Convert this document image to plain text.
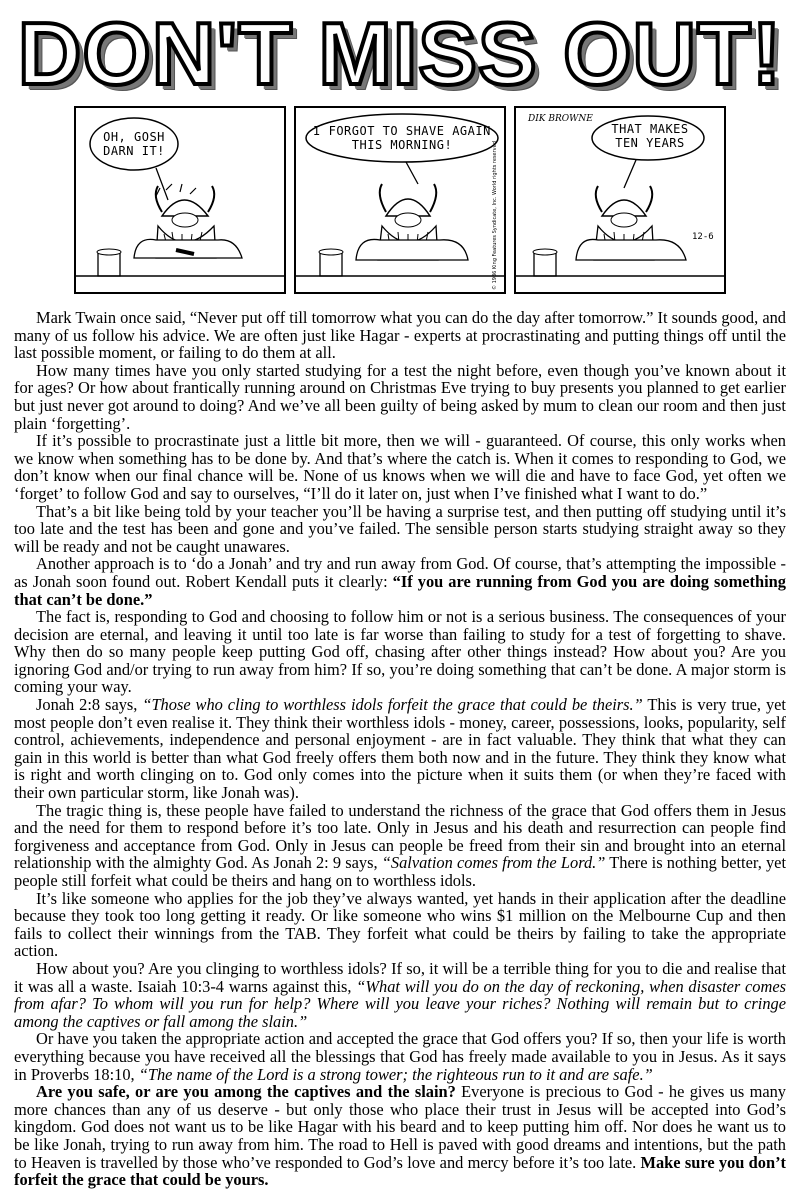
DON'T MISS OUT!
OH, GOSH DARN IT!
I FORGOT TO SHAVE AGAIN THIS MORNING!	© 1986 King Features Syndicate, Inc. World rights reserved
DIK BROWNE
THAT MAKES TEN YEARS
12-6

Mark Twain once said, “Never put off till tomorrow what you can do the day after tomorrow.” It sounds good, and many of us follow his advice. We are often just like Hagar - experts at procrastinating and putting things off until the last possible moment, or failing to do them at all.

How many times have you only started studying for a test the night before, even though you’ve known about it for ages? Or how about frantically running around on Christmas Eve trying to buy presents you planned to get earlier but just never got around to doing? And we’ve all been guilty of being asked by mum to clean our room and then just plain ‘forgetting’.

If it’s possible to procrastinate just a little bit more, then we will - guaranteed. Of course, this only works when we know when something has to be done by. And that’s where the catch is. When it comes to responding to God, we don’t know when our final chance will be. None of us knows when we will die and have to face God, yet often we ‘forget’ to follow God and say to ourselves, “I’ll do it later on, just when I’ve finished what I want to do.”

That’s a bit like being told by your teacher you’ll be having a surprise test, and then putting off studying until it’s too late and the test has been and gone and you’ve failed. The sensible person starts studying straight away so they will be ready and not be caught unawares.

Another approach is to ‘do a Jonah’ and try and run away from God. Of course, that’s attempting the impossible - as Jonah soon found out. Robert Kendall puts it clearly: “If you are running from God you are doing something that can’t be done.”

The fact is, responding to God and choosing to follow him or not is a serious business. The consequences of your decision are eternal, and leaving it until too late is far worse than failing to study for a test of forgetting to shave. Why then do so many people keep putting God off, chasing after other things instead? How about you? Are you ignoring God and/or trying to run away from him? If so, you’re doing something that can’t be done. A major storm is coming your way.

Jonah 2:8 says, “Those who cling to worthless idols forfeit the grace that could be theirs.” This is very true, yet most people don’t even realise it. They think their worthless idols - money, career, possessions, looks, popularity, self control, achievements, independence and personal enjoyment - are in fact valuable. They think that what they can gain in this world is better than what God freely offers them both now and in the future. They think they know what is right and worth clinging on to. God only comes into the picture when it suits them (or when they’re faced with their own particular storm, like Jonah was).

The tragic thing is, these people have failed to understand the richness of the grace that God offers them in Jesus and the need for them to respond before it’s too late. Only in Jesus and his death and resurrection can people find forgiveness and acceptance from God. Only in Jesus can people be freed from their sin and brought into an eternal relationship with the almighty God. As Jonah 2: 9 says, “Salvation comes from the Lord.” There is nothing better, yet people still forfeit what could be theirs and hang on to worthless idols.

It’s like someone who applies for the job they’ve always wanted, yet hands in their application after the deadline because they took too long getting it ready. Or like someone who wins $1 million on the Melbourne Cup and then fails to collect their winnings from the TAB. They forfeit what could be theirs by failing to take the appropriate action.

How about you? Are you clinging to worthless idols? If so, it will be a terrible thing for you to die and realise that it was all a waste. Isaiah 10:3-4 warns against this, “What will you do on the day of reckoning, when disaster comes from afar? To whom will you run for help? Where will you leave your riches? Nothing will remain but to cringe among the captives or fall among the slain.”

Or have you taken the appropriate action and accepted the grace that God offers you? If so, then your life is worth everything because you have received all the blessings that God has freely made available to you in Jesus. As it says in Proverbs 18:10, “The name of the Lord is a strong tower; the righteous run to it and are safe.”

Are you safe, or are you among the captives and the slain? Everyone is precious to God - he gives us many more chances than any of us deserve - but only those who place their trust in Jesus will be accepted into God’s kingdom. God does not want us to be like Hagar with his beard and to keep putting him off. Nor does he want us to be like Jonah, trying to run away from him. The road to Hell is paved with good dreams and intentions, but the path to Heaven is travelled by those who’ve responded to God’s love and mercy before it’s too late. Make sure you don’t forfeit the grace that could be yours.
